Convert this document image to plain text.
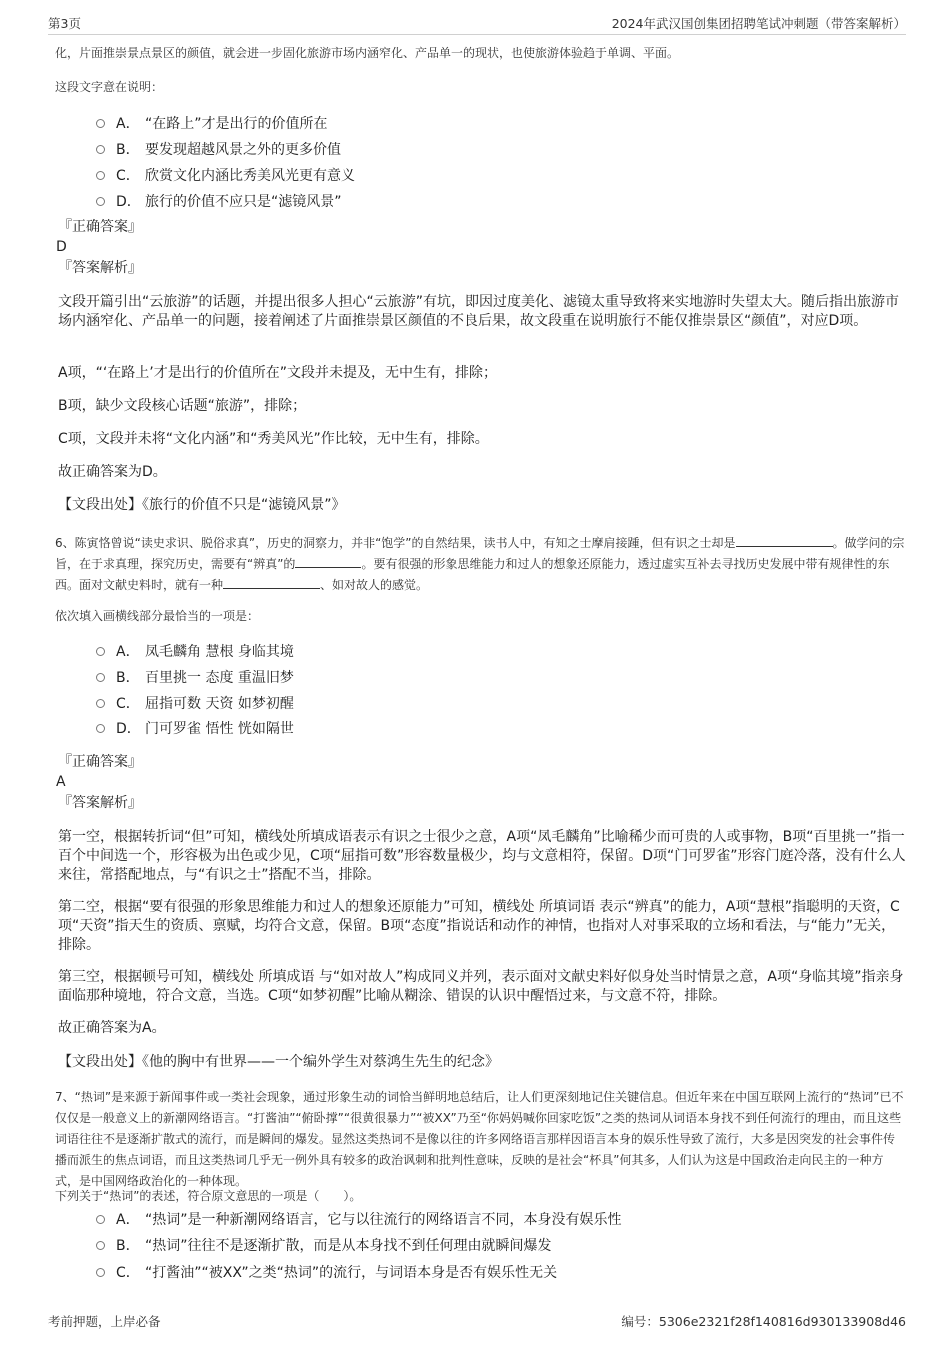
第3页	2024年武汉国创集团招聘笔试冲刺题（带答案解析）
化，片面推崇景点景区的颜值，就会进一步固化旅游市场内涵窄化、产品单一的现状，也使旅游体验趋于单调、平面。
这段文字意在说明：
A． “在路上”才是出行的价值所在
B． 要发现超越风景之外的更多价值
C． 欣赏文化内涵比秀美风光更有意义
D． 旅行的价值不应只是“滤镜风景”
『正确答案』
D
『答案解析』
文段开篇引出“云旅游”的话题，并提出很多人担心“云旅游”有坑，即因过度美化、滤镜太重导致将来实地游时失望太大。随后指出旅游市场内涵窄化、产品单一的问题，接着阐述了片面推崇景区颜值的不良后果，故文段重在说明旅行不能仅推崇景区“颜值”，对应D项。
A项，“‘在路上’才是出行的价值所在”文段并未提及，无中生有，排除；
B项，缺少文段核心话题“旅游”，排除；
C项，文段并未将“文化内涵”和“秀美风光”作比较，无中生有，排除。
故正确答案为D。
【文段出处】《旅行的价值不只是“滤镜风景”》
6、陈寅恪曾说“读史求识、脱俗求真”，历史的洞察力，并非“饱学”的自然结果，读书人中，有知之士摩肩接踵，但有识之士却是	。做学问的宗旨，在于求真理，探究历史，需要有“辨真”的	。要有很强的形象思维能力和过人的想象还原能力，透过虚实互补去寻找历史发展中带有规律性的东西。面对文献史料时，就有一种	、如对故人的感觉。
依次填入画横线部分最恰当的一项是：
A． 凤毛麟角 慧根 身临其境
B． 百里挑一 态度 重温旧梦
C． 屈指可数 天资 如梦初醒
D． 门可罗雀 悟性 恍如隔世
『正确答案』
A
『答案解析』
第一空，根据转折词“但”可知，横线处所填成语表示有识之士很少之意，A项“凤毛麟角”比喻稀少而可贵的人或事物，B项“百里挑一”指一百个中间选一个，形容极为出色或少见，C项“屈指可数”形容数量极少，均与文意相符，保留。D项“门可罗雀”形容门庭冷落，没有什么人来往，常搭配地点，与“有识之士”搭配不当，排除。
第二空，根据“要有很强的形象思维能力和过人的想象还原能力”可知，横线处 所填词语 表示“辨真”的能力，A项“慧根”指聪明的天资，C项“天资”指天生的资质、禀赋，均符合文意，保留。B项“态度”指说话和动作的神情，也指对人对事采取的立场和看法，与“能力”无关，排除。
第三空，根据顿号可知，横线处 所填成语 与“如对故人”构成同义并列，表示面对文献史料好似身处当时情景之意，A项“身临其境”指亲身面临那种境地，符合文意，当选。C项“如梦初醒”比喻从糊涂、错误的认识中醒悟过来，与文意不符，排除。
故正确答案为A。
【文段出处】《他的胸中有世界——一个编外学生对蔡鸿生先生的纪念》
7、“热词”是来源于新闻事件或一类社会现象，通过形象生动的词恰当鲜明地总结后，让人们更深刻地记住关键信息。但近年来在中国互联网上流行的“热词”已不仅仅是一般意义上的新潮网络语言。“打酱油”“俯卧撑”“很黄很暴力”“被XX”乃至“你妈妈喊你回家吃饭”之类的热词从词语本身找不到任何流行的理由，而且这些词语往往不是逐渐扩散式的流行，而是瞬间的爆发。显然这类热词不是像以往的许多网络语言那样因语言本身的娱乐性导致了流行，大多是因突发的社会事件传播而派生的焦点词语，而且这类热词几乎无一例外具有较多的政治讽刺和批判性意味，反映的是社会“杯具”何其多，人们认为这是中国政治走向民主的一种方式，是中国网络政治化的一种体现。
下列关于“热词”的表述，符合原文意思的一项是（　　）。
A． “热词”是一种新潮网络语言，它与以往流行的网络语言不同，本身没有娱乐性
B． “热词”往往不是逐渐扩散，而是从本身找不到任何理由就瞬间爆发
C． “打酱油”“被XX”之类“热词”的流行，与词语本身是否有娱乐性无关
考前押题，上岸必备	编号：5306e2321f28f140816d930133908d46
